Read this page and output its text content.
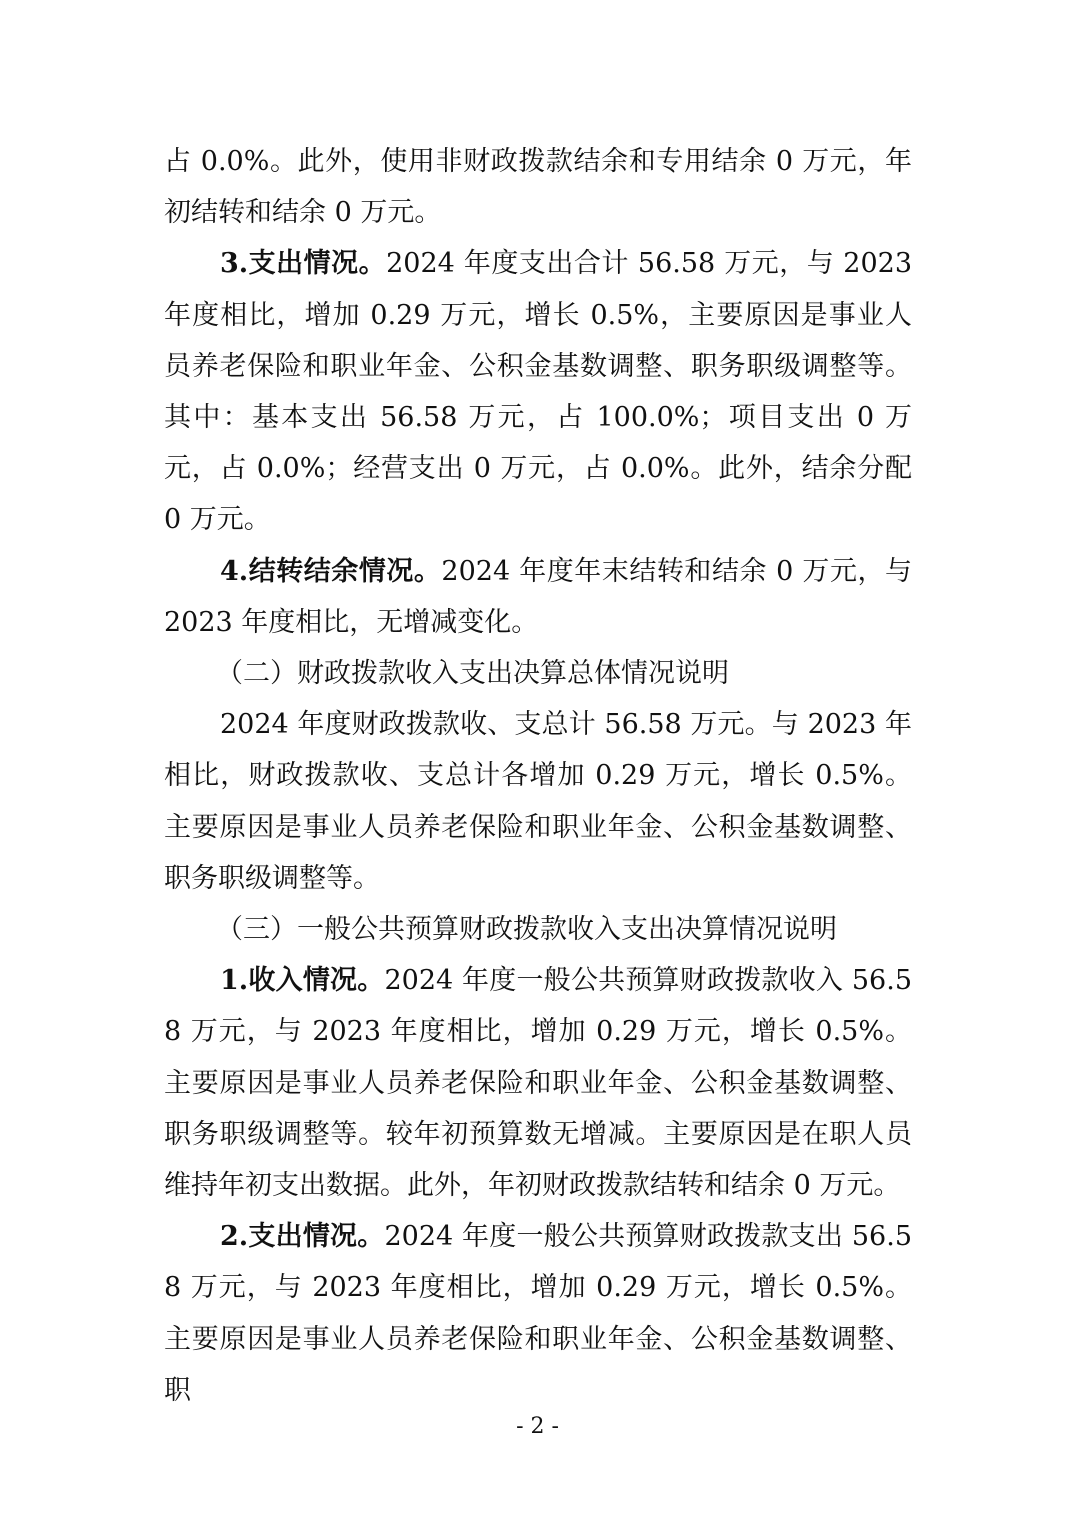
占 0.0%。此外，使用非财政拨款结余和专用结余 0 万元，年初结转和结余 0 万元。

3.支出情况。2024 年度支出合计 56.58 万元，与 2023 年度相比，增加 0.29 万元，增长 0.5%，主要原因是事业人员养老保险和职业年金、公积金基数调整、职务职级调整等。其中：基本支出 56.58 万元，占 100.0%；项目支出 0 万元，占 0.0%；经营支出 0 万元，占 0.0%。此外，结余分配 0 万元。

4.结转结余情况。2024 年度年末结转和结余 0 万元，与 2023 年度相比，无增减变化。

（二）财政拨款收入支出决算总体情况说明

2024 年度财政拨款收、支总计 56.58 万元。与 2023 年相比，财政拨款收、支总计各增加 0.29 万元，增长 0.5%。主要原因是事业人员养老保险和职业年金、公积金基数调整、职务职级调整等。

（三）一般公共预算财政拨款收入支出决算情况说明

1.收入情况。2024 年度一般公共预算财政拨款收入 56.58 万元，与 2023 年度相比，增加 0.29 万元，增长 0.5%。主要原因是事业人员养老保险和职业年金、公积金基数调整、职务职级调整等。较年初预算数无增减。主要原因是在职人员维持年初支出数据。此外，年初财政拨款结转和结余 0 万元。

2.支出情况。2024 年度一般公共预算财政拨款支出 56.58 万元，与 2023 年度相比，增加 0.29 万元，增长 0.5%。主要原因是事业人员养老保险和职业年金、公积金基数调整、职

- 2 -
